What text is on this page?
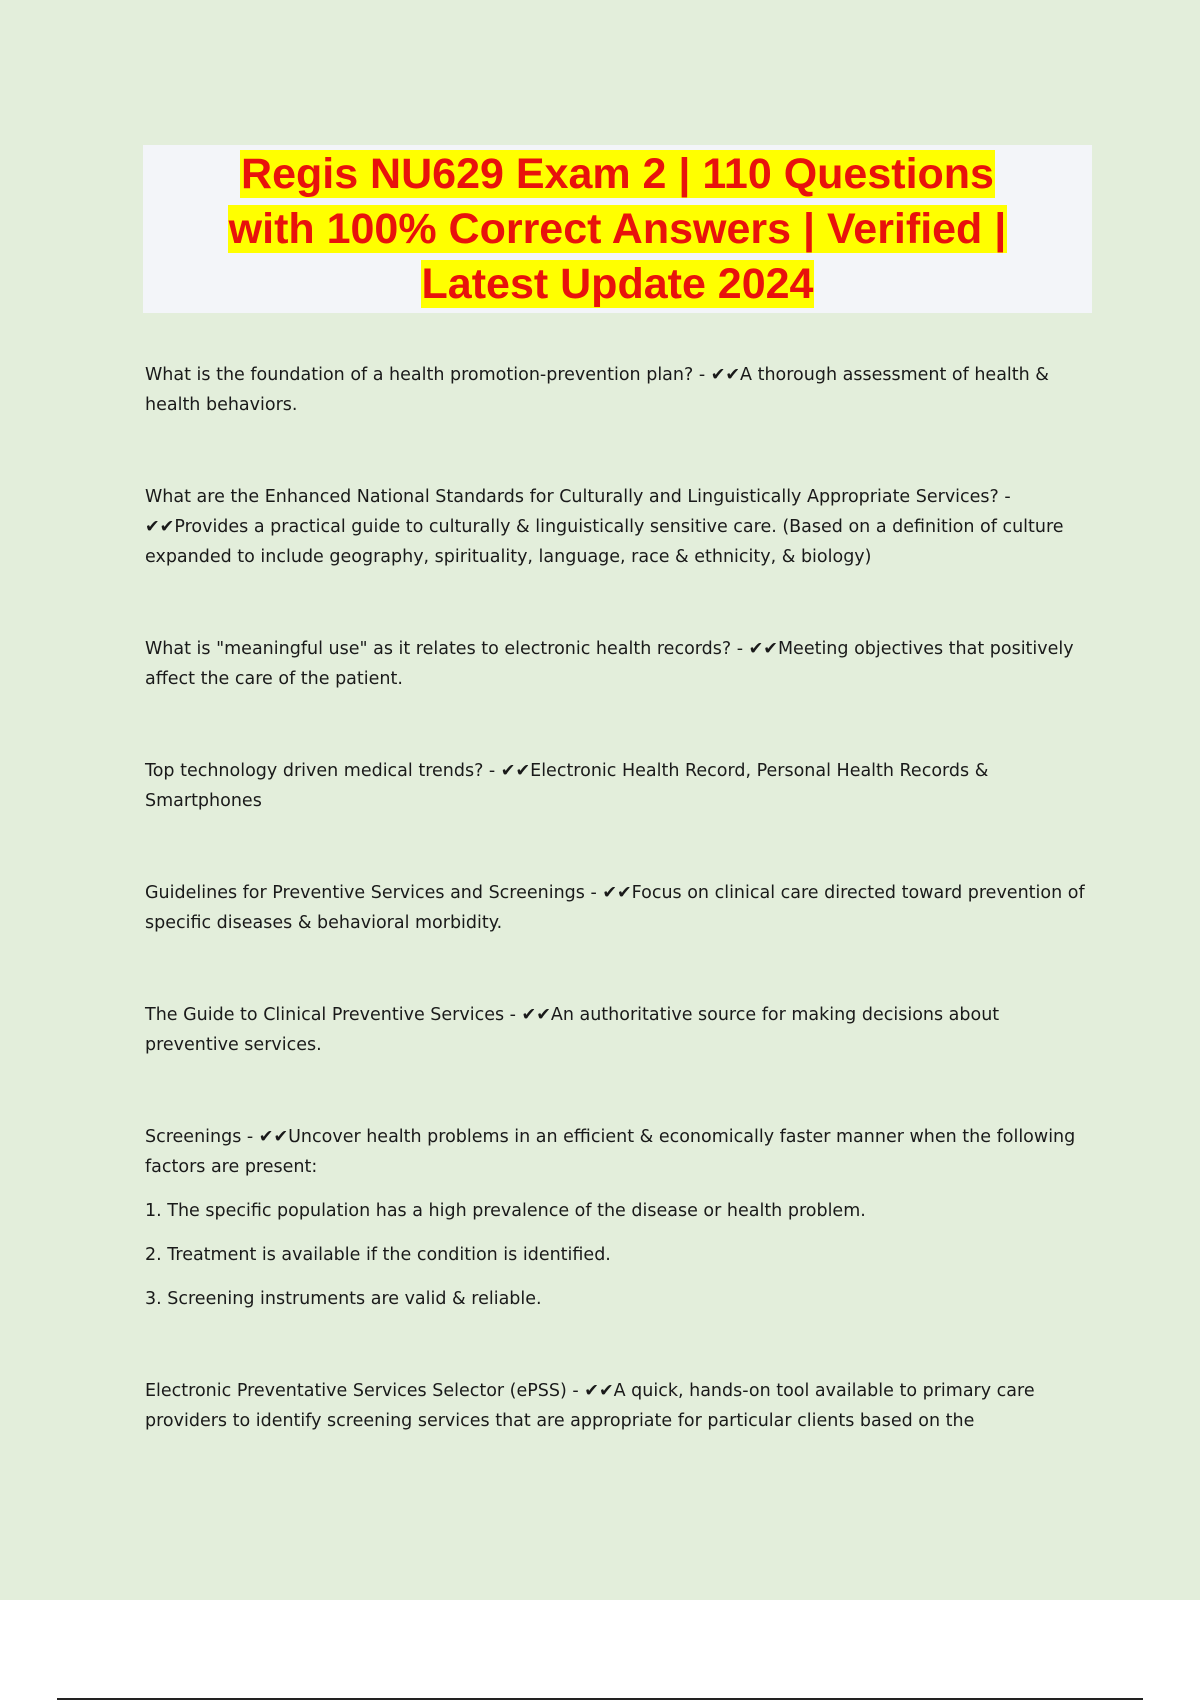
Regis NU629 Exam 2 | 110 Questions
with 100% Correct Answers | Verified |
Latest Update 2024

What is the foundation of a health promotion-prevention plan? - ✔✔A thorough assessment of health & health behaviors.

What are the Enhanced National Standards for Culturally and Linguistically Appropriate Services? - ✔✔Provides a practical guide to culturally & linguistically sensitive care. (Based on a definition of culture expanded to include geography, spirituality, language, race & ethnicity, & biology)

What is "meaningful use" as it relates to electronic health records? - ✔✔Meeting objectives that positively affect the care of the patient.

Top technology driven medical trends? - ✔✔Electronic Health Record, Personal Health Records & Smartphones

Guidelines for Preventive Services and Screenings - ✔✔Focus on clinical care directed toward prevention of specific diseases & behavioral morbidity.

The Guide to Clinical Preventive Services - ✔✔An authoritative source for making decisions about preventive services.

Screenings - ✔✔Uncover health problems in an efficient & economically faster manner when the following factors are present:

1. The specific population has a high prevalence of the disease or health problem.

2. Treatment is available if the condition is identified.

3. Screening instruments are valid & reliable.

Electronic Preventative Services Selector (ePSS) - ✔✔A quick, hands-on tool available to primary care providers to identify screening services that are appropriate for particular clients based on the
